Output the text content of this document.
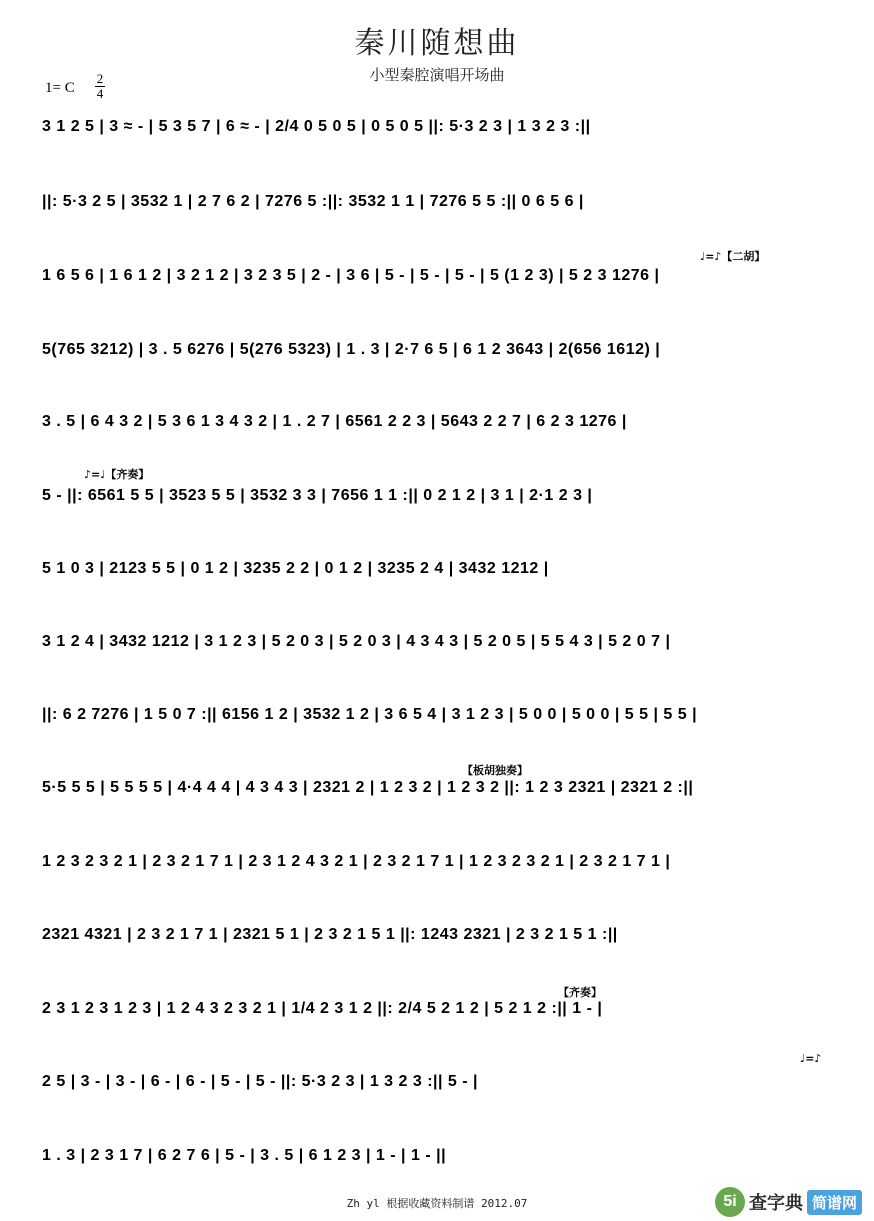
秦川随想曲
小型秦腔演唱开场曲
1= C
2
4
♩=♪【二胡】
♪=♩【齐奏】
【板胡独奏】
【齐奏】
♩=♪
3 1 2 5 | 3 ≈ - | 5 3 5 7 | 6 ≈ - | 2/4 0 5 0 5 | 0 5 0 5 ||: 5·3 2 3 | 1 3 2 3 :||
||: 5·3 2 5 | 3532 1 | 2 7 6 2 | 7276 5 :||: 3532 1 1 | 7276 5 5 :|| 0 6 5 6 |
1 6 5 6 | 1 6 1 2 | 3 2 1 2 | 3 2 3 5 | 2 - | 3 6 | 5 - | 5 - | 5 - | 5 (1 2 3) | 5 2 3 1276 |
5(765 3212) | 3 . 5 6276 | 5(276 5323) | 1 . 3 | 2·7 6 5 | 6 1 2 3643 | 2(656 1612) |
3 . 5 | 6 4 3 2 | 5 3 6 1 3 4 3 2 | 1 . 2 7 | 6561 2 2 3 | 5643 2 2 7 | 6 2 3 1276 |
5 - ||: 6561 5 5 | 3523 5 5 | 3532 3 3 | 7656 1 1 :|| 0 2 1 2 | 3 1 | 2·1 2 3 |
5 1 0 3 | 2123 5 5 | 0 1 2 | 3235 2 2 | 0 1 2 | 3235 2 4 | 3432 1212 |
3 1 2 4 | 3432 1212 | 3 1 2 3 | 5 2 0 3 | 5 2 0 3 | 4 3 4 3 | 5 2 0 5 | 5 5 4 3 | 5 2 0 7 |
||: 6 2 7276 | 1 5 0 7 :|| 6156 1 2 | 3532 1 2 | 3 6 5 4 | 3 1 2 3 | 5 0 0 | 5 0 0 | 5 5 | 5 5 |
5·5 5 5 | 5 5 5 5 | 4·4 4 4 | 4 3 4 3 | 2321 2 | 1 2 3 2 | 1 2 3 2 ||: 1 2 3 2321 | 2321 2 :||
1 2 3 2 3 2 1 | 2 3 2 1 7 1 | 2 3 1 2 4 3 2 1 | 2 3 2 1 7 1 | 1 2 3 2 3 2 1 | 2 3 2 1 7 1 |
2321 4321 | 2 3 2 1 7 1 | 2321 5 1 | 2 3 2 1 5 1 ||: 1243 2321 | 2 3 2 1 5 1 :||
2 3 1 2 3 1 2 3 | 1 2 4 3 2 3 2 1 | 1/4 2 3 1 2 ||: 2/4 5 2 1 2 | 5 2 1 2 :|| 1 - |
2 5 | 3 - | 3 - | 6 - | 6 - | 5 - | 5 - ||: 5·3 2 3 | 1 3 2 3 :|| 5 - |
1 . 3 | 2 3 1 7 | 6 2 7 6 | 5 - | 3 . 5 | 6 1 2 3 | 1 - | 1 - ||
Zh yl 根据收藏资料制谱 2012.07	5i 查字典 简谱网
